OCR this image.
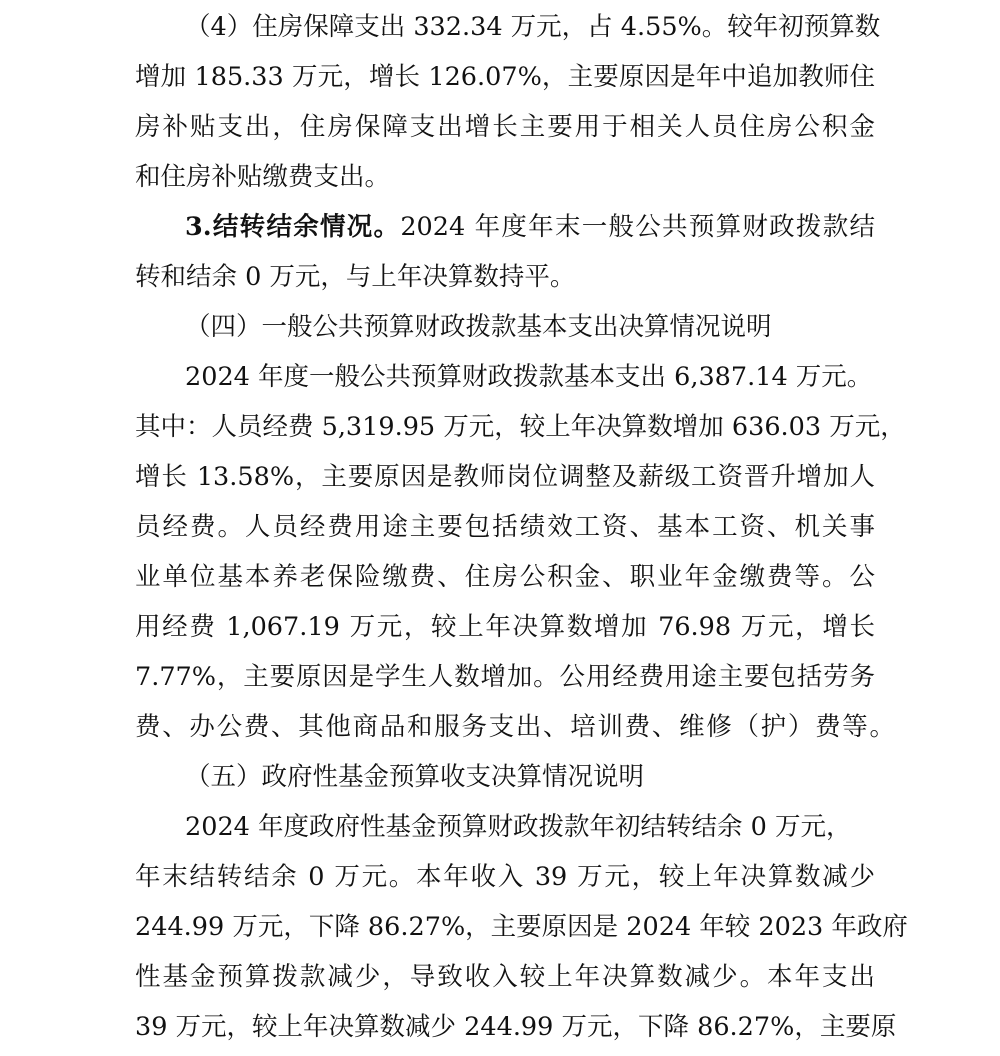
（4）住房保障支出 332.34 万元，占 4.55%。较年初预算数
增加 185.33 万元，增长 126.07%，主要原因是年中追加教师住
房补贴支出，住房保障支出增长主要用于相关人员住房公积金
和住房补贴缴费支出。
3.结转结余情况。2024 年度年末一般公共预算财政拨款结
转和结余 0 万元，与上年决算数持平。
（四）一般公共预算财政拨款基本支出决算情况说明
2024 年度一般公共预算财政拨款基本支出 6,387.14 万元。
其中：人员经费 5,319.95 万元，较上年决算数增加 636.03 万元，
增长 13.58%，主要原因是教师岗位调整及薪级工资晋升增加人
员经费。人员经费用途主要包括绩效工资、基本工资、机关事
业单位基本养老保险缴费、住房公积金、职业年金缴费等。公
用经费 1,067.19 万元，较上年决算数增加 76.98 万元，增长
7.77%，主要原因是学生人数增加。公用经费用途主要包括劳务
费、办公费、其他商品和服务支出、培训费、维修（护）费等。
（五）政府性基金预算收支决算情况说明
2024 年度政府性基金预算财政拨款年初结转结余 0 万元，
年末结转结余 0 万元。本年收入 39 万元，较上年决算数减少
244.99 万元，下降 86.27%，主要原因是 2024 年较 2023 年政府
性基金预算拨款减少，导致收入较上年决算数减少。本年支出
39 万元，较上年决算数减少 244.99 万元，下降 86.27%，主要原
